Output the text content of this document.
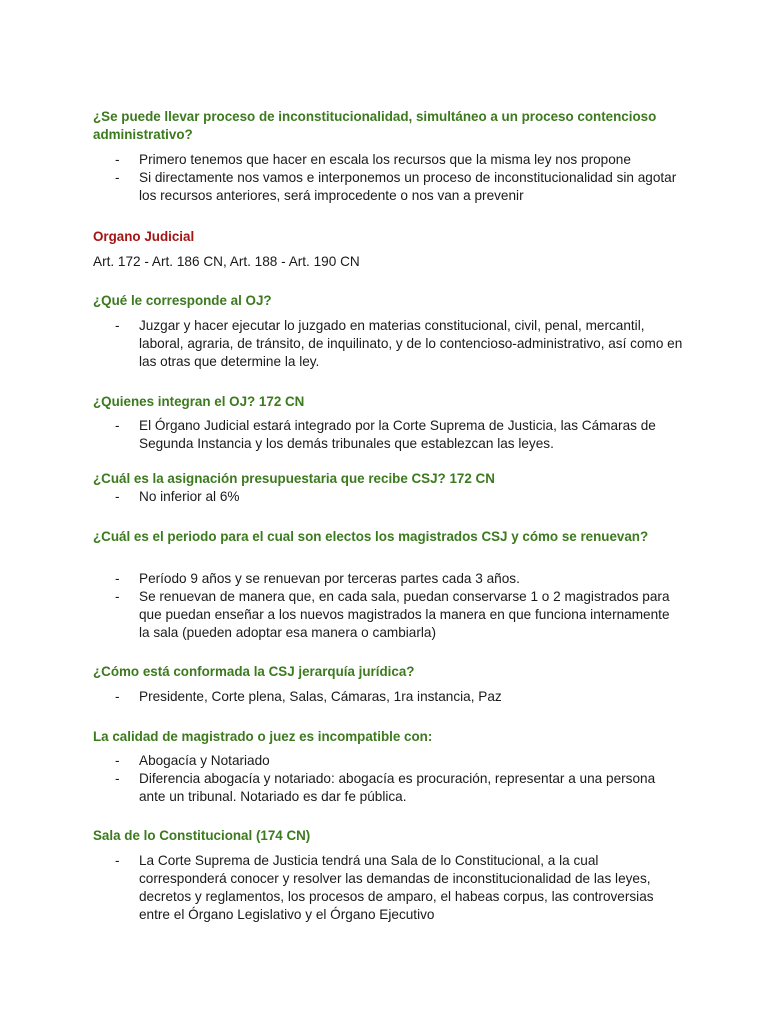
¿Se puede llevar proceso de inconstitucionalidad, simultáneo a un proceso contencioso administrativo?
- Primero tenemos que hacer en escala los recursos que la misma ley nos propone
- Si directamente nos vamos e interponemos un proceso de inconstitucionalidad sin agotar los recursos anteriores, será improcedente o nos van a prevenir
Organo Judicial
Art. 172 - Art. 186 CN, Art. 188 - Art. 190 CN
¿Qué le corresponde al OJ?
- Juzgar y hacer ejecutar lo juzgado en materias constitucional, civil, penal, mercantil, laboral, agraria, de tránsito, de inquilinato, y de lo contencioso-administrativo, así como en las otras que determine la ley.
¿Quienes integran el OJ? 172 CN
- El Órgano Judicial estará integrado por la Corte Suprema de Justicia, las Cámaras de Segunda Instancia y los demás tribunales que establezcan las leyes.
¿Cuál es la asignación presupuestaria que recibe CSJ? 172 CN
- No inferior al 6%
¿Cuál es el periodo para el cual son electos los magistrados CSJ y cómo se renuevan?
- Período 9 años y se renuevan por terceras partes cada 3 años.
- Se renuevan de manera que, en cada sala, puedan conservarse 1 o 2 magistrados para que puedan enseñar a los nuevos magistrados la manera en que funciona internamente la sala (pueden adoptar esa manera o cambiarla)
¿Cómo está conformada la CSJ jerarquía jurídica?
- Presidente, Corte plena, Salas, Cámaras, 1ra instancia, Paz
La calidad de magistrado o juez es incompatible con:
- Abogacía y Notariado
- Diferencia abogacía y notariado: abogacía es procuración, representar a una persona ante un tribunal. Notariado es dar fe pública.
Sala de lo Constitucional (174 CN)
- La Corte Suprema de Justicia tendrá una Sala de lo Constitucional, a la cual corresponderá conocer y resolver las demandas de inconstitucionalidad de las leyes, decretos y reglamentos, los procesos de amparo, el habeas corpus, las controversias entre el Órgano Legislativo y el Órgano Ejecutivo
